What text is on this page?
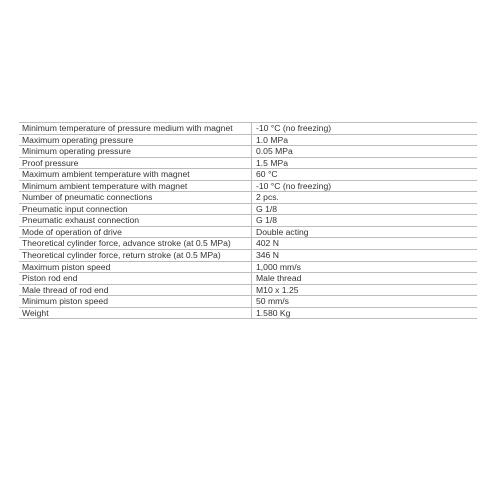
Minimum temperature of pressure medium with magnet	-10 °C (no freezing)
Maximum operating pressure	1.0 MPa
Minimum operating pressure	0.05 MPa
Proof pressure	1.5 MPa
Maximum ambient temperature with magnet	60 °C
Minimum ambient temperature with magnet	-10 °C (no freezing)
Number of pneumatic connections	2 pcs.
Pneumatic input connection	G 1/8
Pneumatic exhaust connection	G 1/8
Mode of operation of drive	Double acting
Theoretical cylinder force, advance stroke (at 0.5 MPa)	402 N
Theoretical cylinder force, return stroke (at 0.5 MPa)	346 N
Maximum piston speed	1,000 mm/s
Piston rod end	Male thread
Male thread of rod end	M10 x 1.25
Minimum piston speed	50 mm/s
Weight	1.580 Kg
